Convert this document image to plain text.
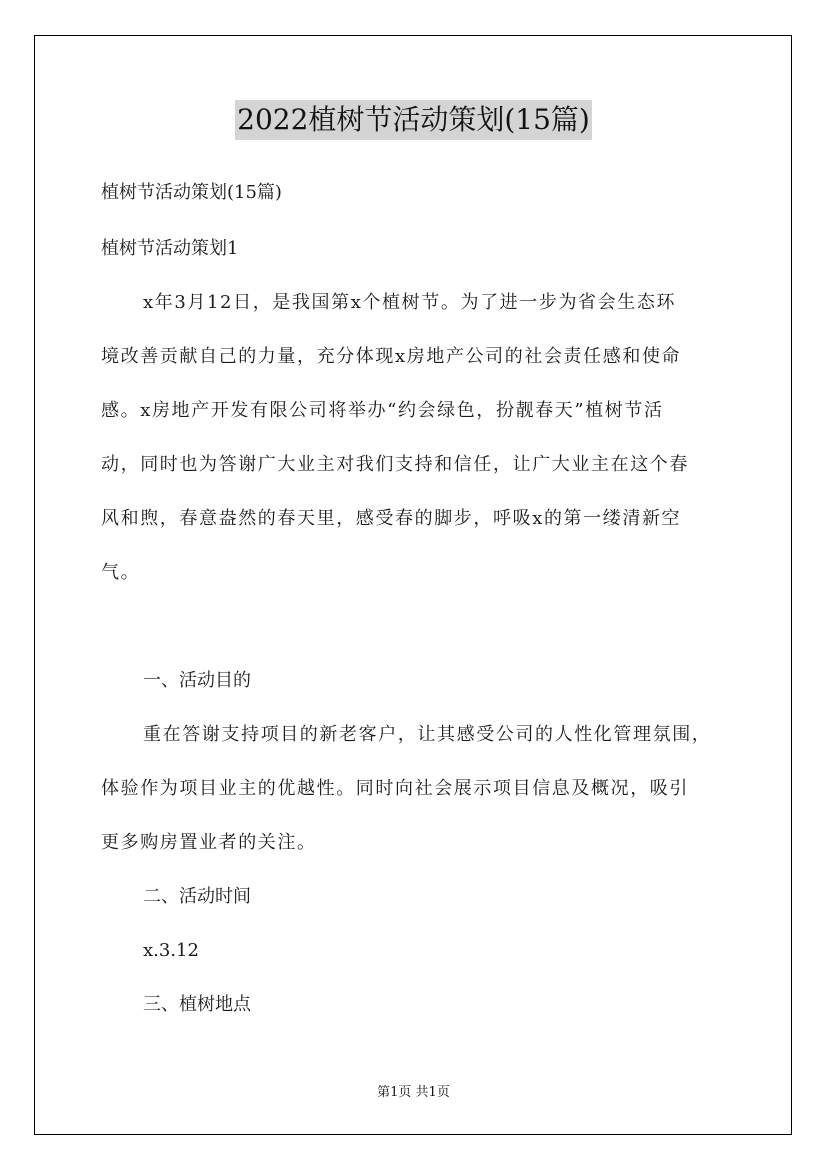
2022植树节活动策划(15篇)
植树节活动策划(15篇)
植树节活动策划1
x年3月12日，是我国第x个植树节。为了进一步为省会生态环
境改善贡献自己的力量，充分体现x房地产公司的社会责任感和使命
感。x房地产开发有限公司将举办“约会绿色，扮靓春天”植树节活
动，同时也为答谢广大业主对我们支持和信任，让广大业主在这个春
风和煦，春意盎然的春天里，感受春的脚步，呼吸x的第一缕清新空
气。
一、活动目的
重在答谢支持项目的新老客户，让其感受公司的人性化管理氛围，
体验作为项目业主的优越性。同时向社会展示项目信息及概况，吸引
更多购房置业者的关注。
二、活动时间
x.3.12
三、植树地点
第1页 共1页
